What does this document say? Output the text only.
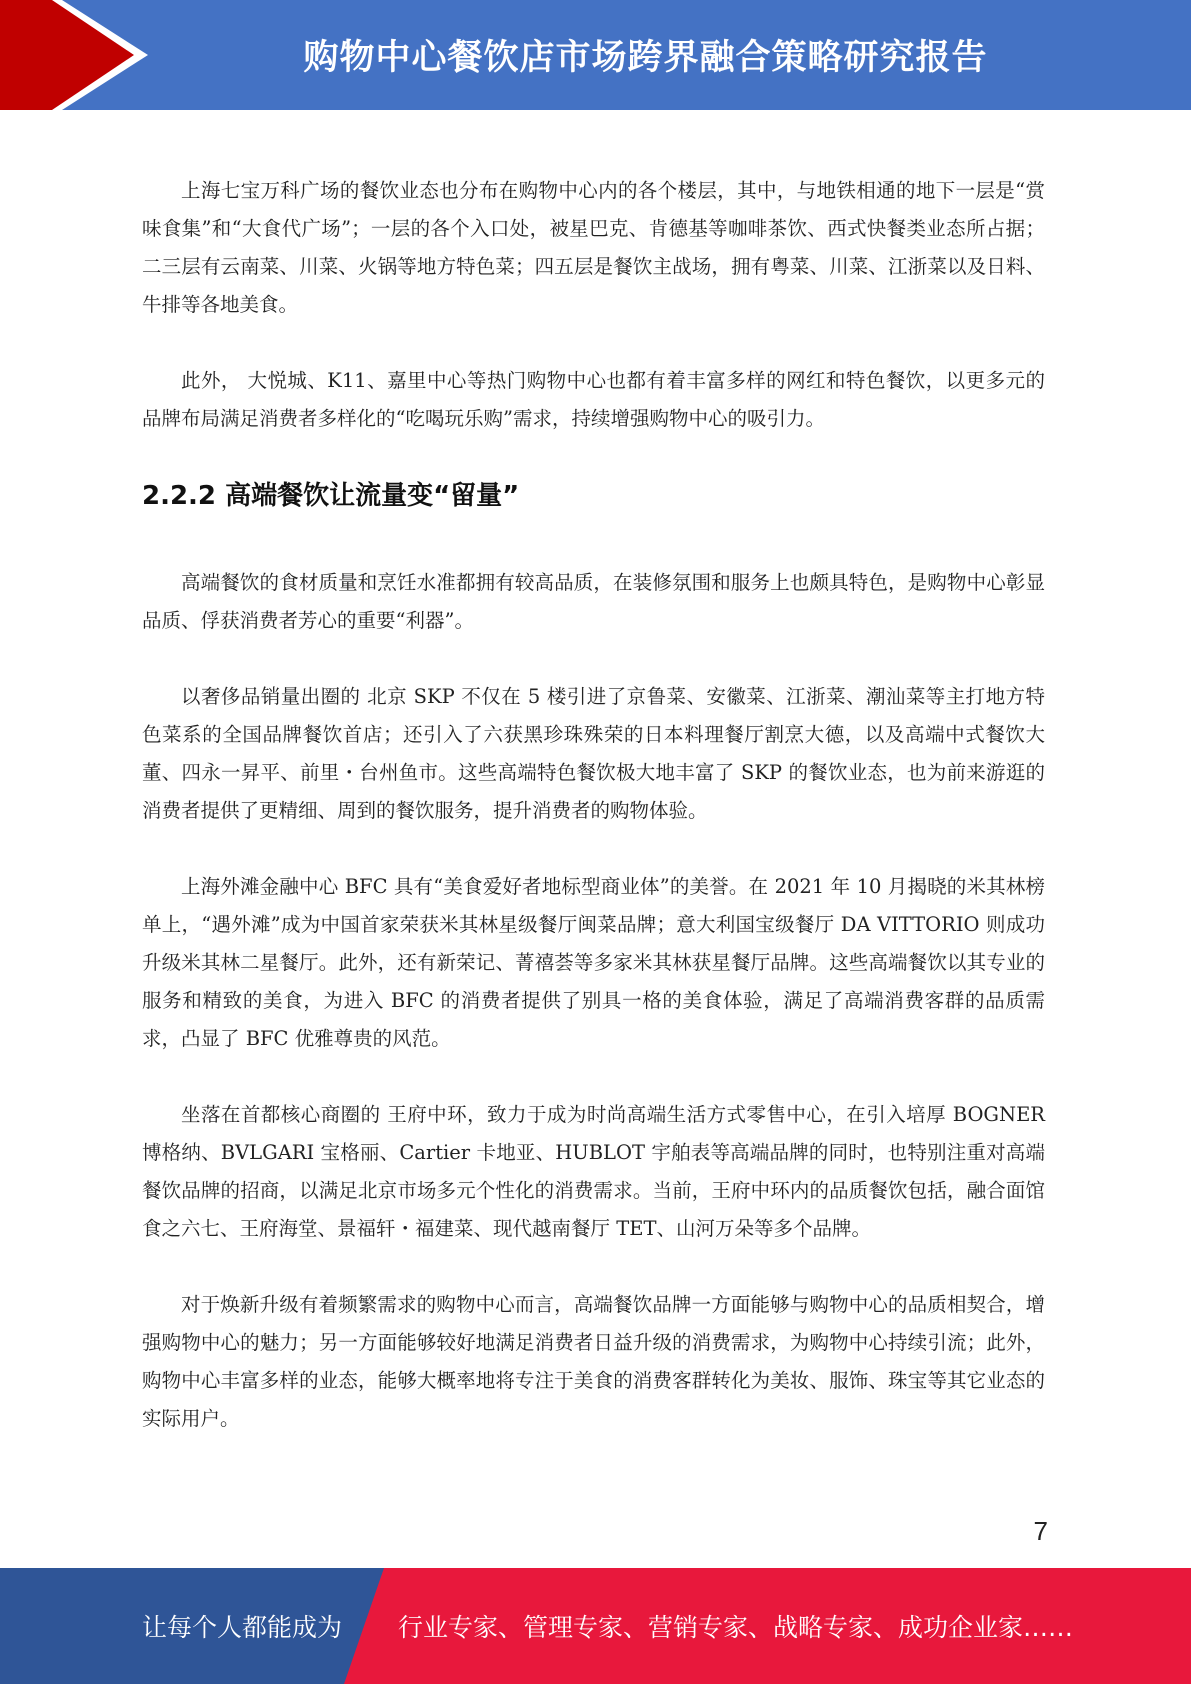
购物中心餐饮店市场跨界融合策略研究报告

上海七宝万科广场的餐饮业态也分布在购物中心内的各个楼层，其中，与地铁相通的地下一层是“赏味食集”和“大食代广场”；一层的各个入口处，被星巴克、肯德基等咖啡茶饮、西式快餐类业态所占据；二三层有云南菜、川菜、火锅等地方特色菜；四五层是餐饮主战场，拥有粤菜、川菜、江浙菜以及日料、牛排等各地美食。

此外， 大悦城、K11、嘉里中心等热门购物中心也都有着丰富多样的网红和特色餐饮，以更多元的品牌布局满足消费者多样化的“吃喝玩乐购”需求，持续增强购物中心的吸引力。

2.2.2 高端餐饮让流量变“留量”

高端餐饮的食材质量和烹饪水准都拥有较高品质，在装修氛围和服务上也颇具特色，是购物中心彰显品质、俘获消费者芳心的重要“利器”。

以奢侈品销量出圈的 北京 SKP 不仅在 5 楼引进了京鲁菜、安徽菜、江浙菜、潮汕菜等主打地方特色菜系的全国品牌餐饮首店；还引入了六获黑珍珠殊荣的日本料理餐厅割烹大德，以及高端中式餐饮大董、四永一昇平、前里・台州鱼市。这些高端特色餐饮极大地丰富了 SKP 的餐饮业态，也为前来游逛的消费者提供了更精细、周到的餐饮服务，提升消费者的购物体验。

上海外滩金融中心 BFC 具有“美食爱好者地标型商业体”的美誉。在 2021 年 10 月揭晓的米其林榜单上，“遇外滩”成为中国首家荣获米其林星级餐厅闽菜品牌；意大利国宝级餐厅 DA VITTORIO 则成功升级米其林二星餐厅。此外，还有新荣记、菁禧荟等多家米其林获星餐厅品牌。这些高端餐饮以其专业的服务和精致的美食，为进入 BFC 的消费者提供了别具一格的美食体验，满足了高端消费客群的品质需求，凸显了 BFC 优雅尊贵的风范。

坐落在首都核心商圈的 王府中环，致力于成为时尚高端生活方式零售中心，在引入培厚 BOGNER 博格纳、BVLGARI 宝格丽、Cartier 卡地亚、HUBLOT 宇舶表等高端品牌的同时，也特别注重对高端餐饮品牌的招商，以满足北京市场多元个性化的消费需求。当前，王府中环内的品质餐饮包括，融合面馆食之六七、王府海堂、景福轩・福建菜、现代越南餐厅 TET、山河万朵等多个品牌。

对于焕新升级有着频繁需求的购物中心而言，高端餐饮品牌一方面能够与购物中心的品质相契合，增强购物中心的魅力；另一方面能够较好地满足消费者日益升级的消费需求，为购物中心持续引流；此外，购物中心丰富多样的业态，能够大概率地将专注于美食的消费客群转化为美妆、服饰、珠宝等其它业态的实际用户。

7
让每个人都能成为 行业专家、管理专家、营销专家、战略专家、成功企业家……
